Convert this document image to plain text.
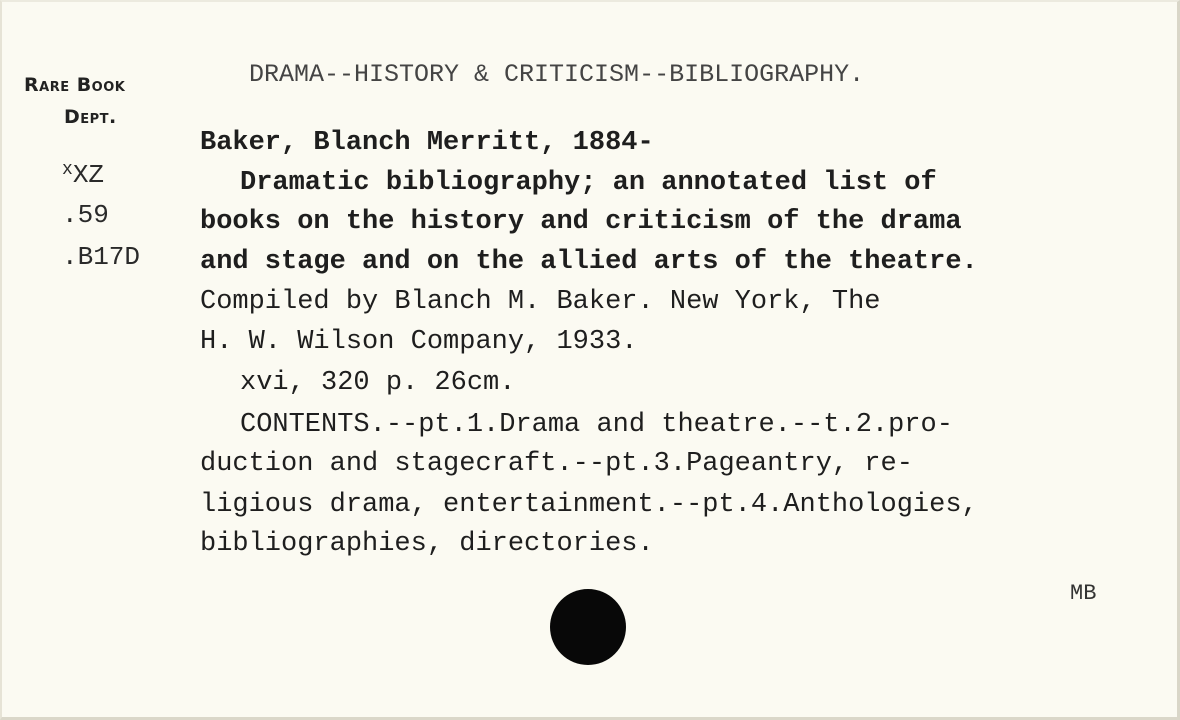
Rare Book
Dept.
$^x$XZ
.59
.B17D
DRAMA--HISTORY & CRITICISM--BIBLIOGRAPHY.
Baker, Blanch Merritt, 1884-
Dramatic bibliography; an annotated list of
books on the history and criticism of the drama
and stage and on the allied arts of the theatre.
Compiled by Blanch M. Baker. New York, The
H. W. Wilson Company, 1933.
xvi, 320 p. 26cm.
CONTENTS.--pt.1.Drama and theatre.--t.2.pro-
duction and stagecraft.--pt.3.Pageantry, re-
ligious drama, entertainment.--pt.4.Anthologies,
bibliographies, directories.
MB
